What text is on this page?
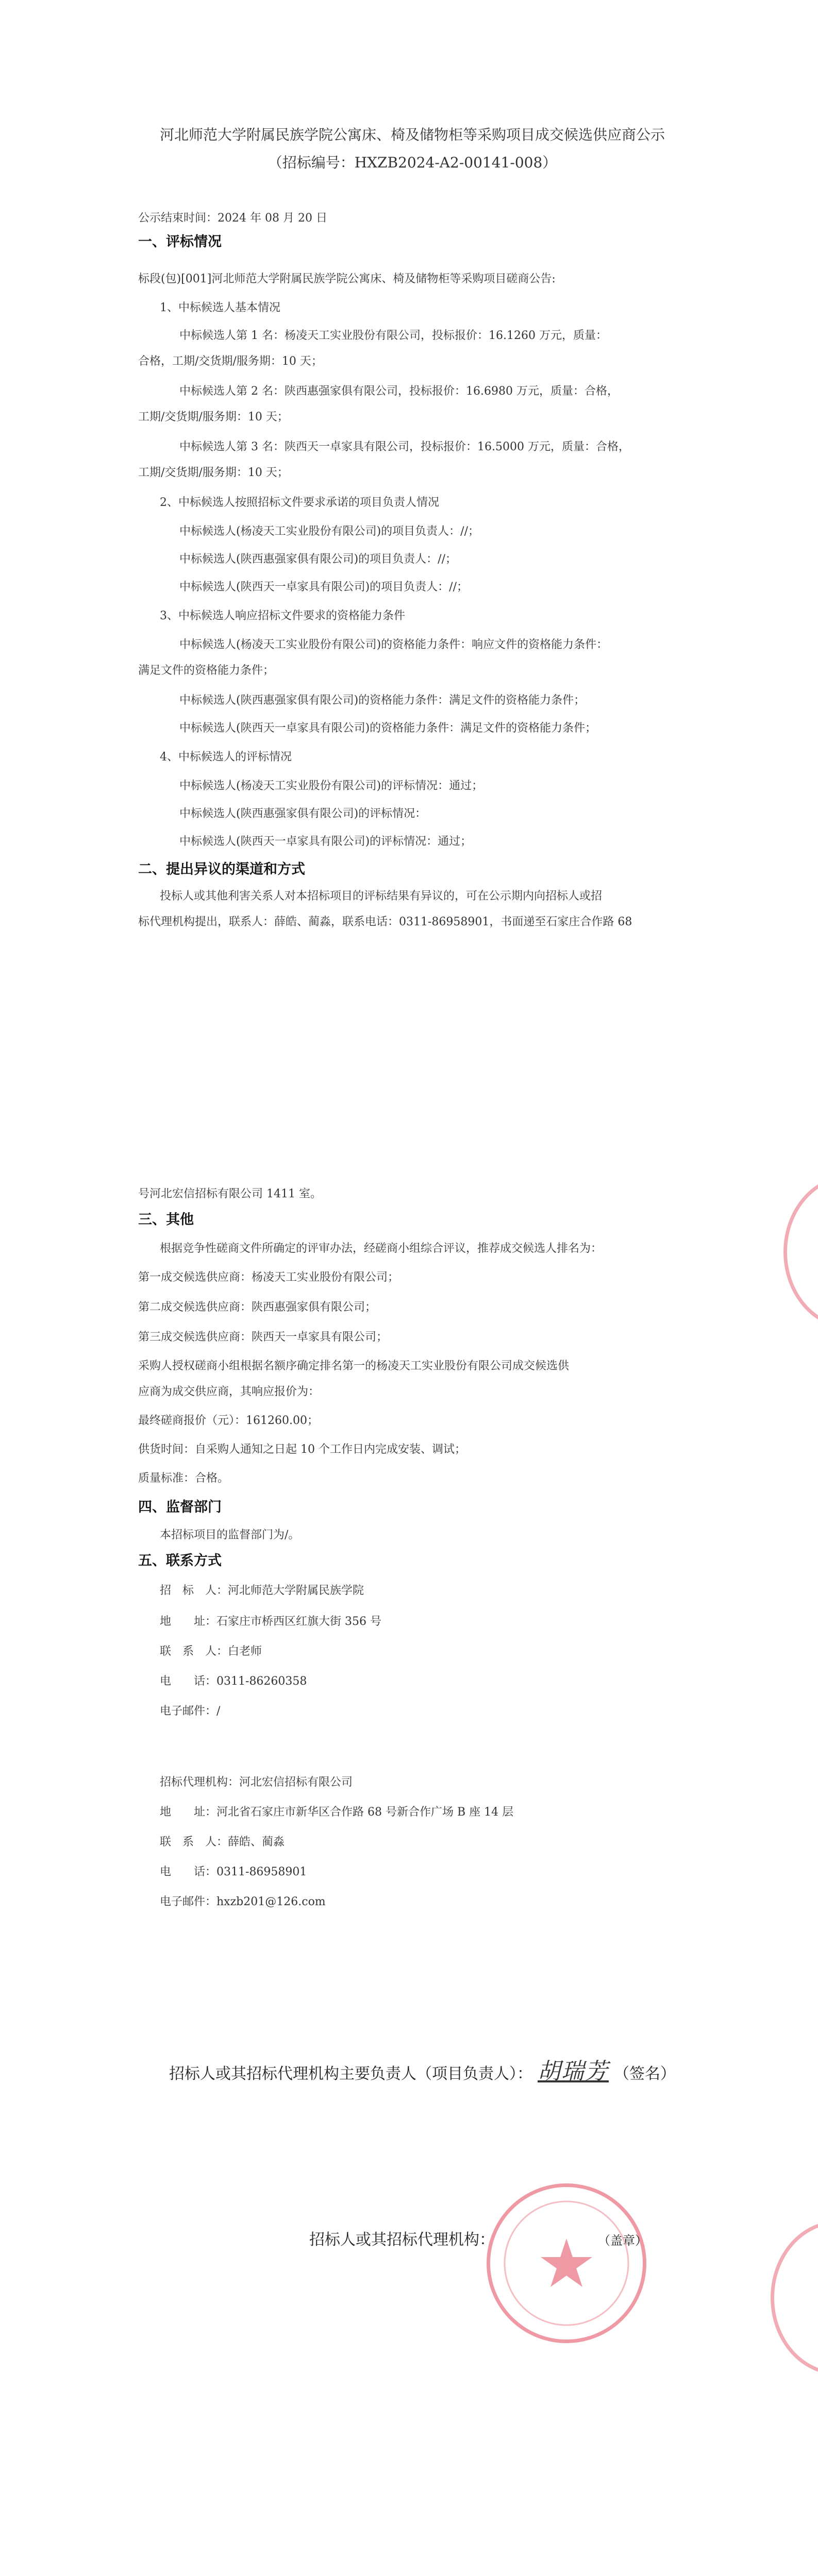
河北师范大学附属民族学院公寓床、椅及储物柜等采购项目成交候选供应商公示
（招标编号：HXZB2024-A2-00141-008）
公示结束时间：2024 年 08 月 20 日
一、评标情况
标段(包)[001]河北师范大学附属民族学院公寓床、椅及储物柜等采购项目磋商公告:
1、中标候选人基本情况
中标候选人第 1 名：杨凌天工实业股份有限公司，投标报价：16.1260 万元，质量：
合格，工期/交货期/服务期：10 天；
中标候选人第 2 名：陕西惠强家俱有限公司，投标报价：16.6980 万元，质量：合格，
工期/交货期/服务期：10 天；
中标候选人第 3 名：陕西天一卓家具有限公司，投标报价：16.5000 万元，质量：合格，
工期/交货期/服务期：10 天；
2、中标候选人按照招标文件要求承诺的项目负责人情况
中标候选人(杨凌天工实业股份有限公司)的项目负责人：//；
中标候选人(陕西惠强家俱有限公司)的项目负责人：//；
中标候选人(陕西天一卓家具有限公司)的项目负责人：//；
3、中标候选人响应招标文件要求的资格能力条件
中标候选人(杨凌天工实业股份有限公司)的资格能力条件：响应文件的资格能力条件：
满足文件的资格能力条件；
中标候选人(陕西惠强家俱有限公司)的资格能力条件：满足文件的资格能力条件；
中标候选人(陕西天一卓家具有限公司)的资格能力条件：满足文件的资格能力条件；
4、中标候选人的评标情况
中标候选人(杨凌天工实业股份有限公司)的评标情况：通过；
中标候选人(陕西惠强家俱有限公司)的评标情况：
中标候选人(陕西天一卓家具有限公司)的评标情况：通过；
二、提出异议的渠道和方式
投标人或其他利害关系人对本招标项目的评标结果有异议的，可在公示期内向招标人或招
标代理机构提出，联系人：薛皓、蔺淼，联系电话：0311-86958901，书面递至石家庄合作路 68
号河北宏信招标有限公司 1411 室。
三、其他
根据竞争性磋商文件所确定的评审办法，经磋商小组综合评议，推荐成交候选人排名为：
第一成交候选供应商：杨凌天工实业股份有限公司；
第二成交候选供应商：陕西惠强家俱有限公司；
第三成交候选供应商：陕西天一卓家具有限公司；
采购人授权磋商小组根据名额序确定排名第一的杨凌天工实业股份有限公司成交候选供
应商为成交供应商，其响应报价为：
最终磋商报价（元）：161260.00；
供货时间：自采购人通知之日起 10 个工作日内完成安装、调试；
质量标准：合格。
四、监督部门
本招标项目的监督部门为/。
五、联系方式
招　标　人：河北师范大学附属民族学院
地　　址：石家庄市桥西区红旗大街 356 号
联　系　人：白老师
电　　话：0311-86260358
电子邮件：/
招标代理机构：河北宏信招标有限公司
地　　址：河北省石家庄市新华区合作路 68 号新合作广场 B 座 14 层
联　系　人：薛皓、蔺淼
电　　话：0311-86958901
电子邮件：hxzb201@126.com
招标人或其招标代理机构主要负责人（项目负责人）： 胡瑞芳 （签名）
招标人或其招标代理机构：	（盖章）
